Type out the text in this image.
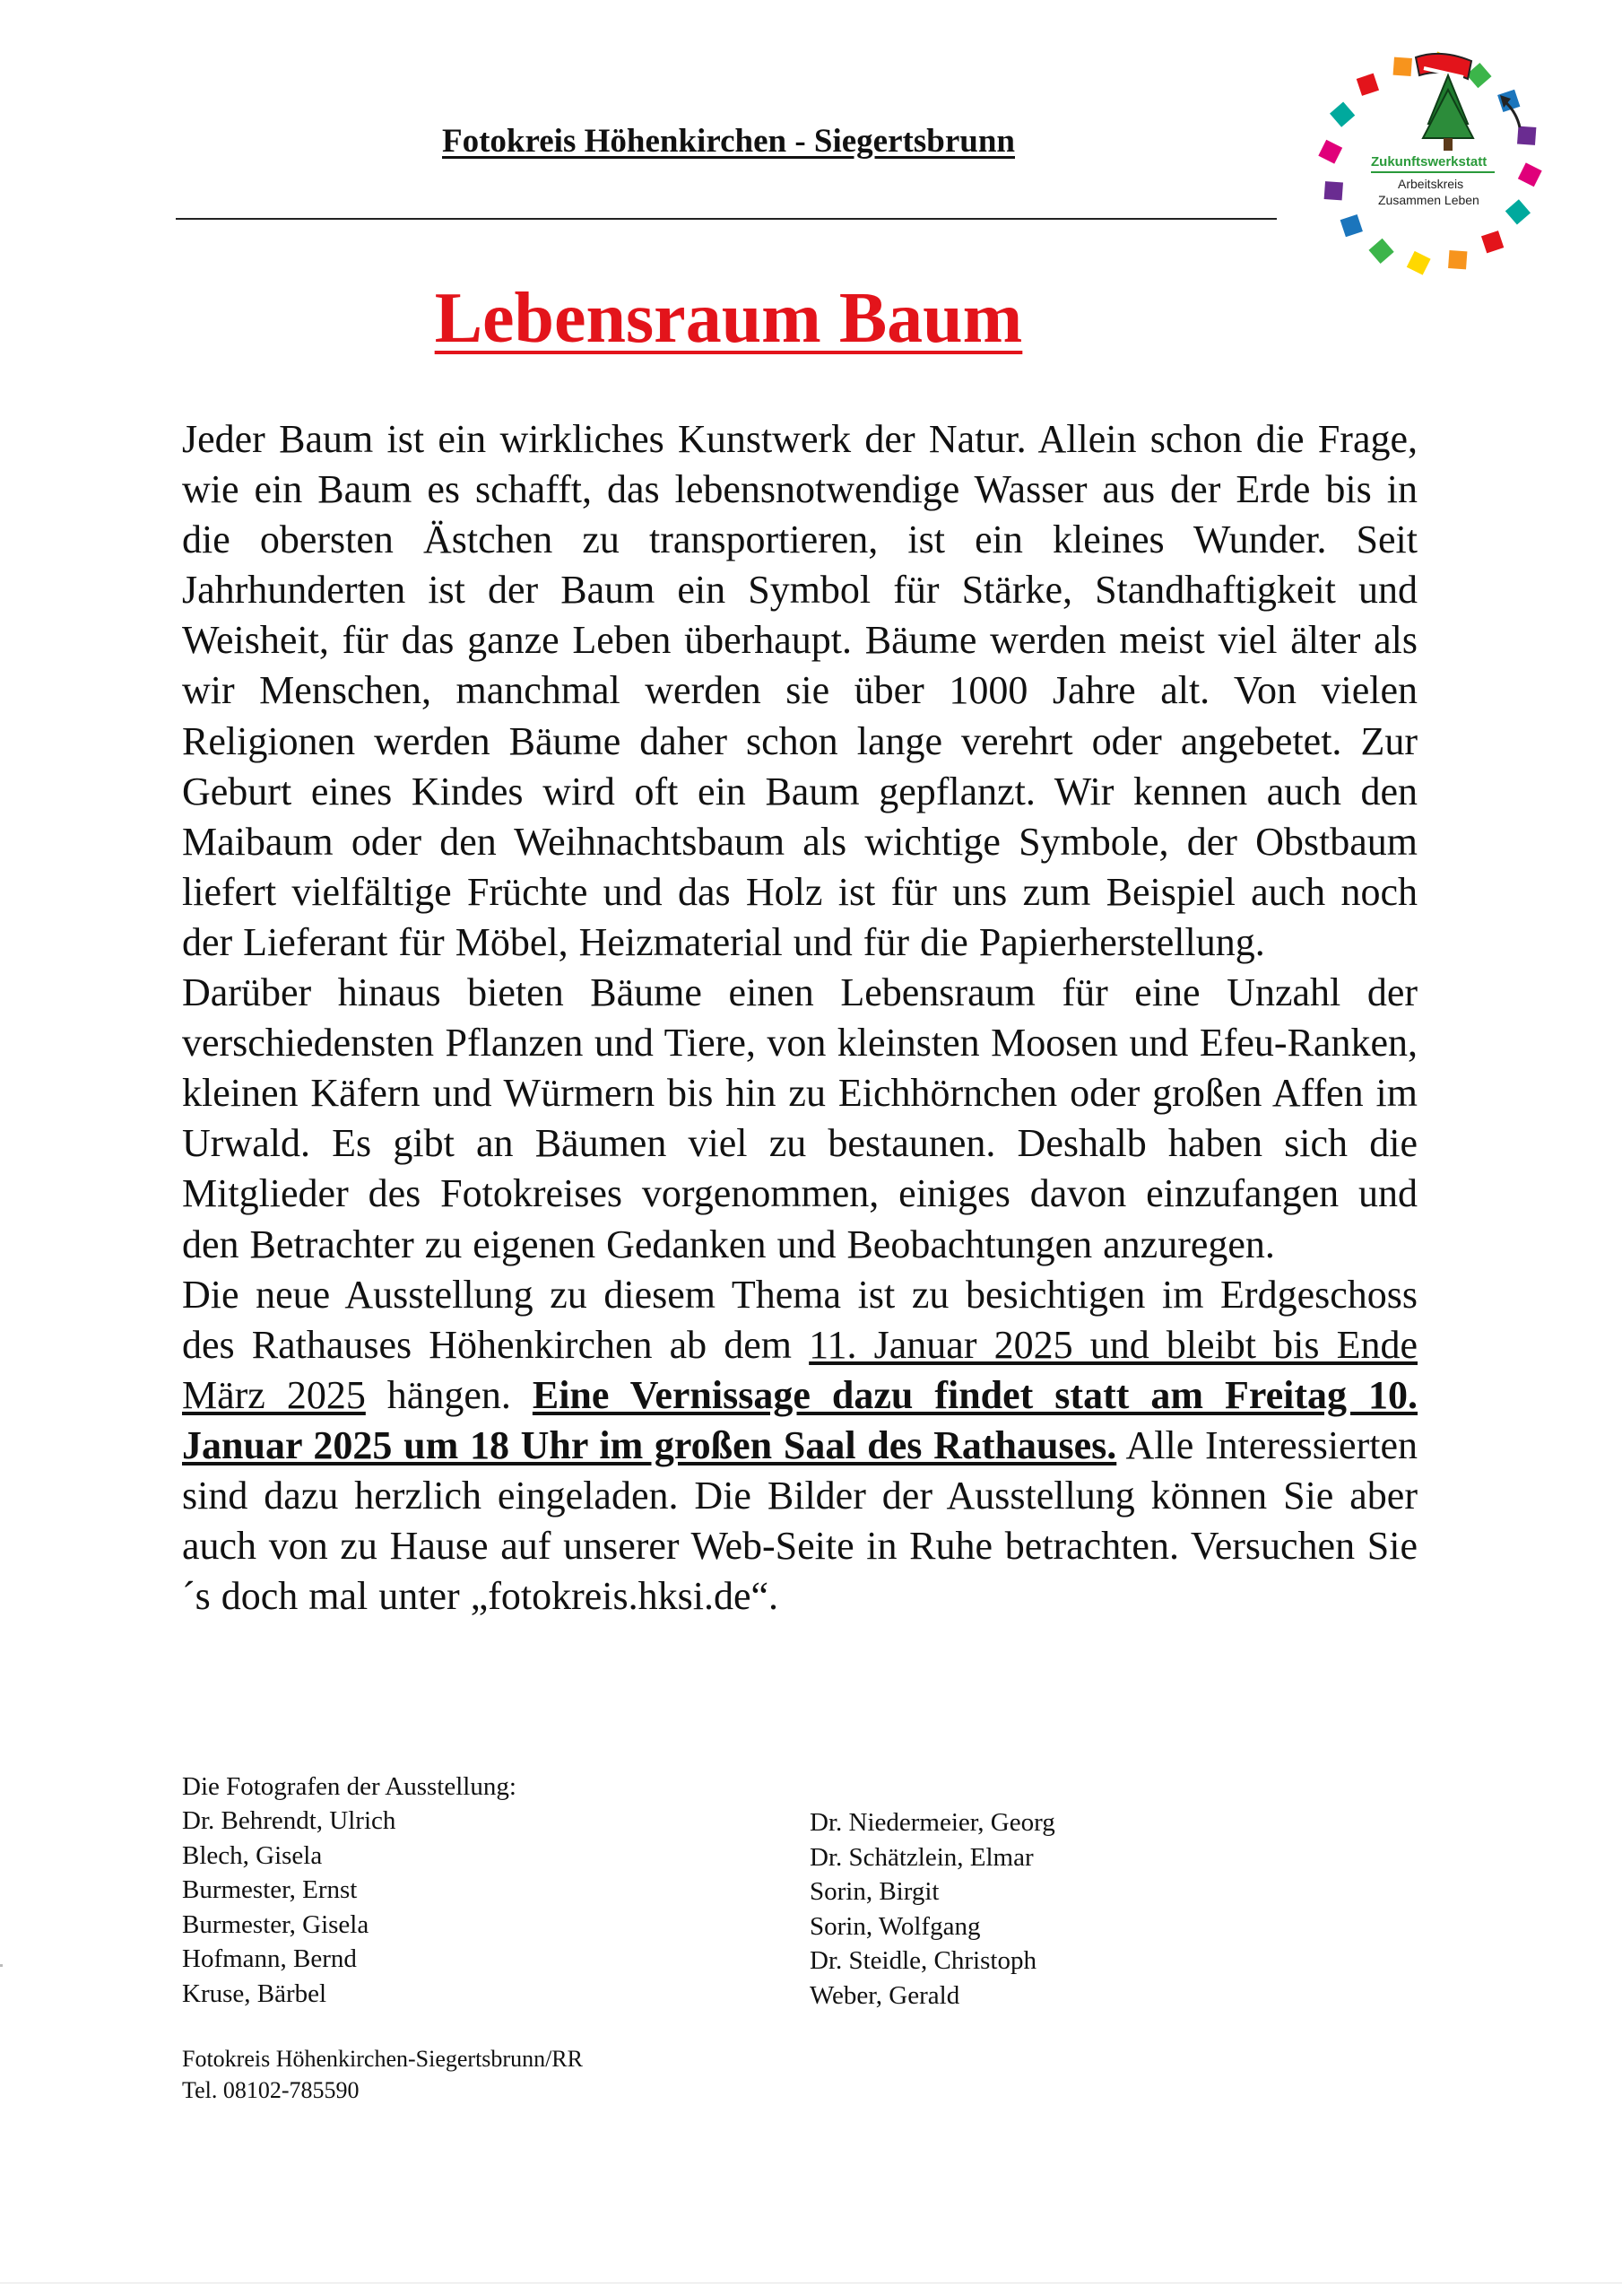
Fotokreis Höhenkirchen - Siegertsbrunn
Zukunftswerkstatt
Arbeitskreis
Zusammen Leben
Lebensraum Baum

Jeder Baum ist ein wirkliches Kunstwerk der Natur. Allein schon die Frage, wie ein Baum es schafft, das lebensnotwendige Wasser aus der Erde bis in die obersten Ästchen zu transportieren, ist ein kleines Wunder. Seit Jahrhunderten ist der Baum ein Symbol für Stärke, Standhaftigkeit und Weisheit, für das ganze Leben überhaupt. Bäume werden meist viel älter als wir Menschen, manchmal werden sie über 1000 Jahre alt. Von vielen Religionen werden Bäume daher schon lange verehrt oder angebetet. Zur Geburt eines Kindes wird oft ein Baum gepflanzt. Wir kennen auch den Maibaum oder den Weihnachtsbaum als wichtige Symbole, der Obstbaum liefert vielfältige Früchte und das Holz ist für uns zum Beispiel auch noch der Lieferant für Möbel, Heizmaterial und für die Papierherstellung.

Darüber hinaus bieten Bäume einen Lebensraum für eine Unzahl der verschiedensten Pflanzen und Tiere, von kleinsten Moosen und Efeu-Ranken, kleinen Käfern und Würmern bis hin zu Eichhörnchen oder großen Affen im Urwald. Es gibt an Bäumen viel zu bestaunen. Deshalb haben sich die Mitglieder des Fotokreises vorgenommen, einiges davon einzufangen und den Betrachter zu eigenen Gedanken und Beobachtungen anzuregen.

Die neue Ausstellung zu diesem Thema ist zu besichtigen im Erdgeschoss des Rathauses Höhenkirchen ab dem 11. Januar 2025 und bleibt bis Ende März 2025 hängen. Eine Vernissage dazu findet statt am Freitag 10. Januar 2025 um 18 Uhr im großen Saal des Rathauses. Alle Interessierten sind dazu herzlich eingeladen. Die Bilder der Ausstellung können Sie aber auch von zu Hause auf unserer Web-Seite in Ruhe betrachten. Versuchen Sie´s doch mal unter „fotokreis.hksi.de“.

Die Fotografen der Ausstellung:
Dr. Behrendt, Ulrich
Blech, Gisela
Burmester, Ernst
Burmester, Gisela
Hofmann, Bernd
Kruse, Bärbel
Dr. Niedermeier, Georg
Dr. Schätzlein, Elmar
Sorin, Birgit
Sorin, Wolfgang
Dr. Steidle, Christoph
Weber, Gerald
Fotokreis Höhenkirchen-Siegertsbrunn/RR
Tel. 08102-785590
